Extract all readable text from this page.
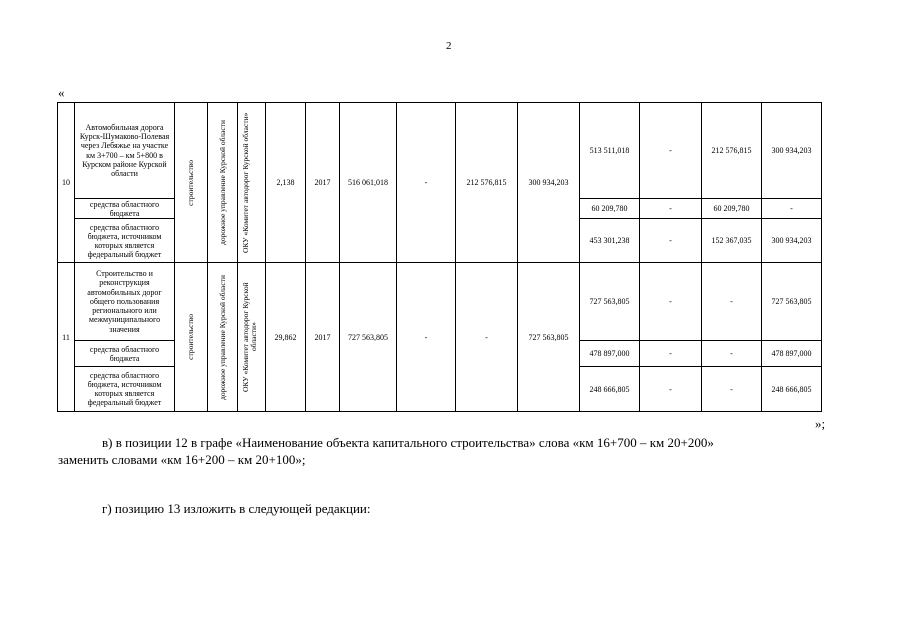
2
«
10	Автомобильная дорога Курск-Шумаково-Полевая через Лебяжье на участке км 3+700 – км 5+800 в Курском районе Курской области	строительство	дорожное управление Курской области	ОКУ «Комитет автодорог Курской области»	2,138	2017	516 061,018	-	212 576,815	300 934,203	513 511,018	-	212 576,815	300 934,203
	средства областного бюджета										60 209,780	-	60 209,780	-
	средства областного бюджета, источником которых является федеральный бюджет										453 301,238	-	152 367,035	300 934,203
11	Строительство и реконструкция автомобильных дорог общего пользования регионального или межмуниципального значения	строительство	дорожное управление Курской области	ОКУ «Комитет автодорог Курской области»	29,862	2017	727 563,805	-	-	727 563,805	727 563,805	-	-	727 563,805
	средства областного бюджета										478 897,000	-	-	478 897,000
	средства областного бюджета, источником которых является федеральный бюджет										248 666,805	-	-	248 666,805
»;
в) в позиции 12 в графе «Наименование объекта капитального строительства» слова «км 16+700 – км 20+200»
заменить словами «км 16+200 – км 20+100»;
г) позицию 13 изложить в следующей редакции:
